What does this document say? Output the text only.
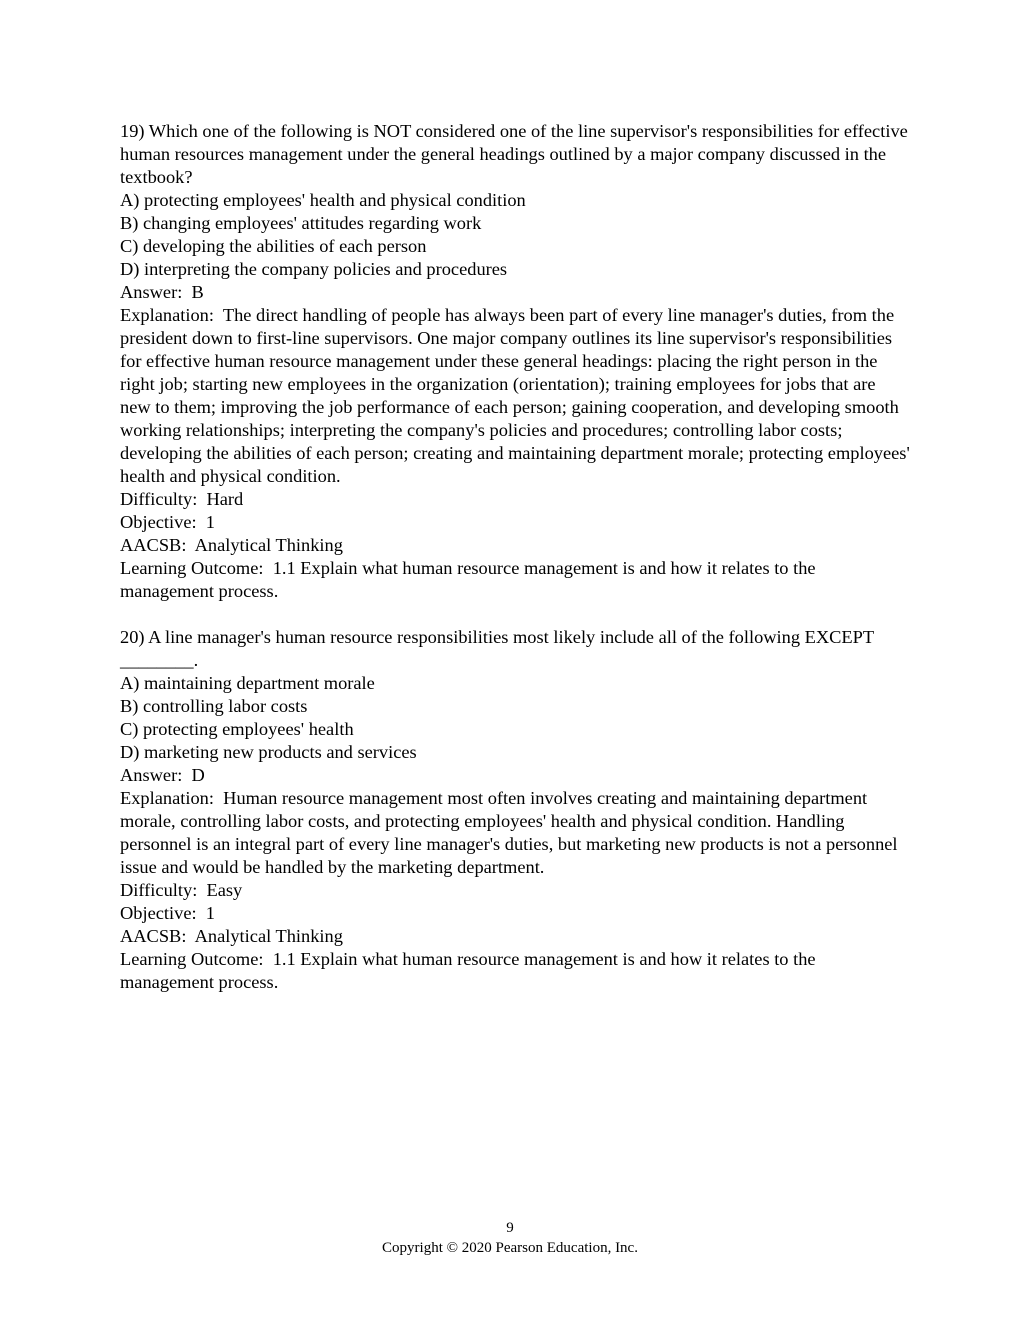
19) Which one of the following is NOT considered one of the line supervisor's responsibilities for effective human resources management under the general headings outlined by a major company discussed in the textbook?
A) protecting employees' health and physical condition
B) changing employees' attitudes regarding work
C) developing the abilities of each person
D) interpreting the company policies and procedures
Answer:  B
Explanation:  The direct handling of people has always been part of every line manager's duties, from the president down to first-line supervisors. One major company outlines its line supervisor's responsibilities for effective human resource management under these general headings: placing the right person in the right job; starting new employees in the organization (orientation); training employees for jobs that are new to them; improving the job performance of each person; gaining cooperation, and developing smooth working relationships; interpreting the company's policies and procedures; controlling labor costs; developing the abilities of each person; creating and maintaining department morale; protecting employees' health and physical condition.
Difficulty:  Hard
Objective:  1
AACSB:  Analytical Thinking
Learning Outcome:  1.1 Explain what human resource management is and how it relates to the management process.
20) A line manager's human resource responsibilities most likely include all of the following EXCEPT ________.
A) maintaining department morale
B) controlling labor costs
C) protecting employees' health
D) marketing new products and services
Answer:  D
Explanation:  Human resource management most often involves creating and maintaining department morale, controlling labor costs, and protecting employees' health and physical condition. Handling personnel is an integral part of every line manager's duties, but marketing new products is not a personnel issue and would be handled by the marketing department.
Difficulty:  Easy
Objective:  1
AACSB:  Analytical Thinking
Learning Outcome:  1.1 Explain what human resource management is and how it relates to the management process.
9
Copyright © 2020 Pearson Education, Inc.
